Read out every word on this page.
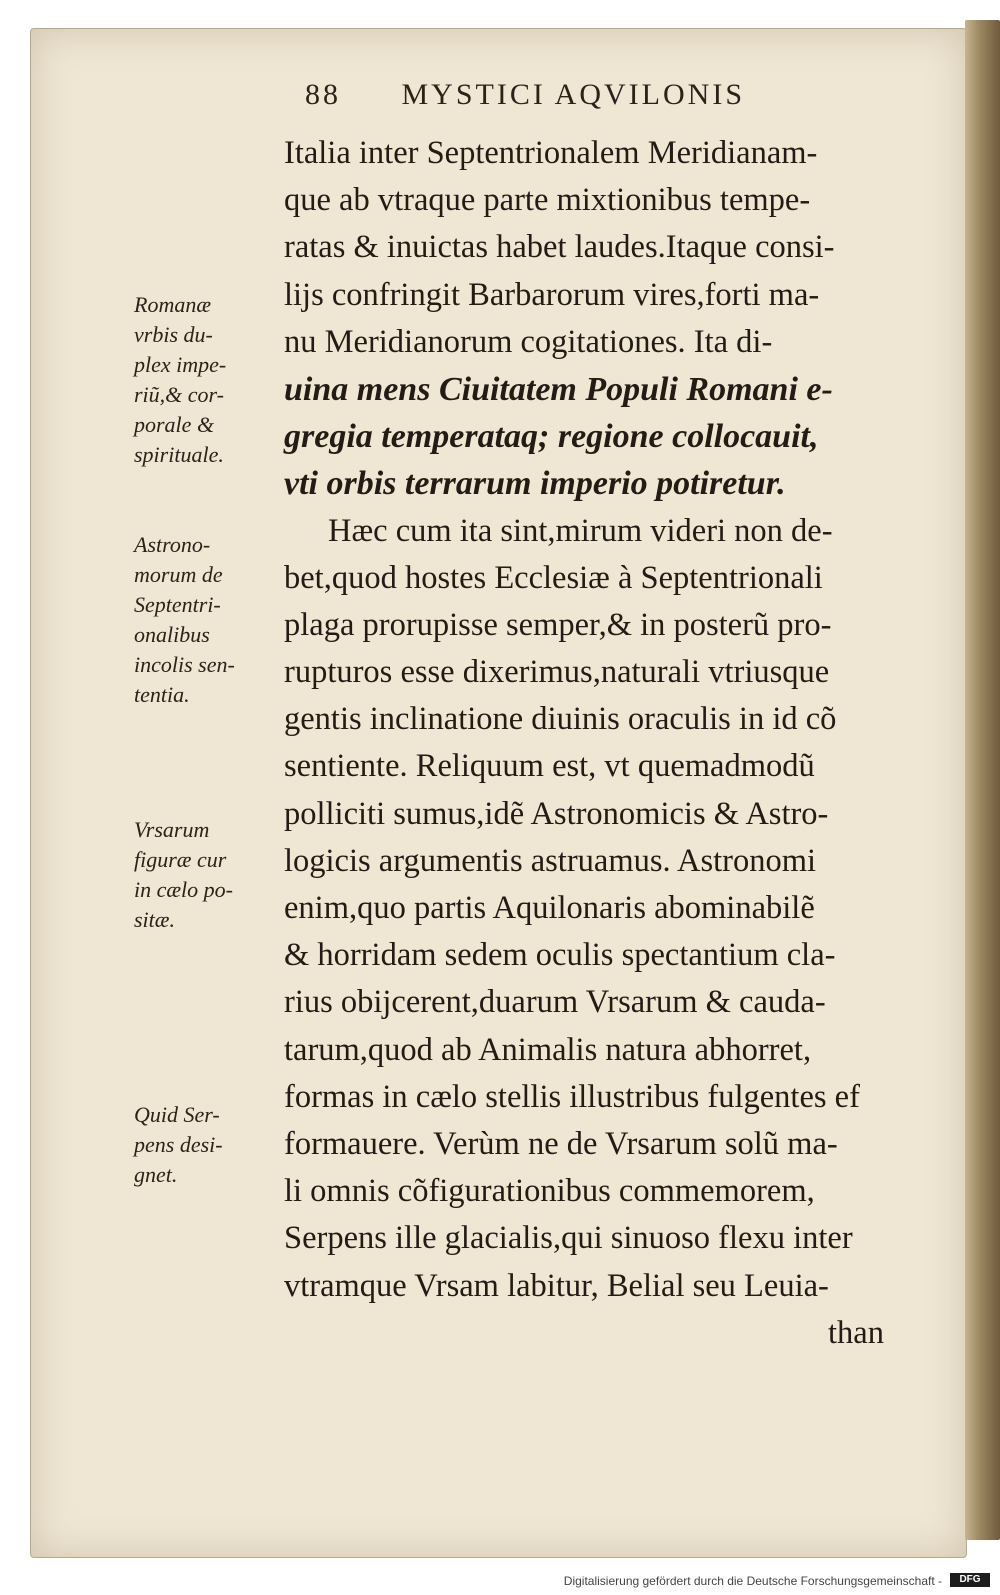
88 MYSTICI AQVILONIS
Italia inter Septentrionalem Meridianam-
que ab vtraque parte mixtionibus tempe-
ratas & inuictas habet laudes.Itaque consi-
lijs confringit Barbarorum vires,forti ma-
nu Meridianorum cogitationes. Ita di-
uina mens Ciuitatem Populi Romani e-
gregia temperataq; regione collocauit,
vti orbis terrarum imperio potiretur.
Hæc cum ita sint,mirum videri non de-
bet,quod hostes Ecclesiæ à Septentrionali
plaga prorupisse semper,& in posterũ pro-
rupturos esse dixerimus,naturali vtriusque
gentis inclinatione diuinis oraculis in id cõ
sentiente. Reliquum est, vt quemadmodũ
polliciti sumus,idẽ Astronomicis & Astro-
logicis argumentis astruamus. Astronomi
enim,quo partis Aquilonaris abominabilẽ
& horridam sedem oculis spectantium cla-
rius obijcerent,duarum Vrsarum & cauda-
tarum,quod ab Animalis natura abhorret,
formas in cælo stellis illustribus fulgentes ef
formauere. Verùm ne de Vrsarum solũ ma-
li omnis cõfigurationibus commemorem,
Serpens ille glacialis,qui sinuoso flexu inter
vtramque Vrsam labitur, Belial seu Leuia-
than
Romanæ
vrbis du-
plex impe-
riũ,& cor-
porale &
spirituale.
Astrono-
morum de
Septentri-
onalibus
incolis sen-
tentia.
Vrsarum
figuræ cur
in cælo po-
sitæ.
Quid Ser-
pens desi-
gnet.
Digitalisierung gefördert durch die Deutsche Forschungsgemeinschaft -	DFG
